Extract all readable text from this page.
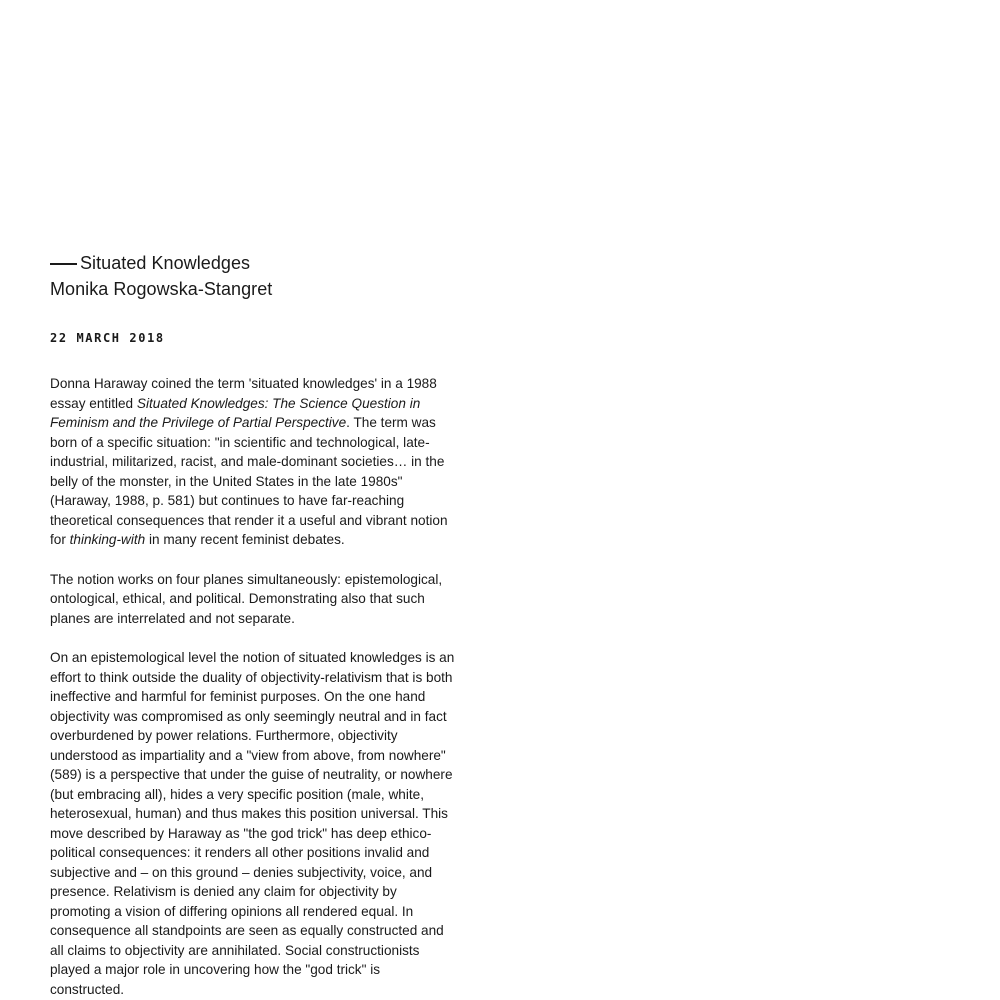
Situated Knowledges
Monika Rogowska-Stangret
22 MARCH 2018

Donna Haraway coined the term 'situated knowledges' in a 1988 essay entitled Situated Knowledges: The Science Question in Feminism and the Privilege of Partial Perspective. The term was born of a specific situation: "in scientific and technological, late-industrial, militarized, racist, and male-dominant societies… in the belly of the monster, in the United States in the late 1980s" (Haraway, 1988, p. 581) but continues to have far-reaching theoretical consequences that render it a useful and vibrant notion for thinking-with in many recent feminist debates.

The notion works on four planes simultaneously: epistemological, ontological, ethical, and political. Demonstrating also that such planes are interrelated and not separate.

On an epistemological level the notion of situated knowledges is an effort to think outside the duality of objectivity-relativism that is both ineffective and harmful for feminist purposes. On the one hand objectivity was compromised as only seemingly neutral and in fact overburdened by power relations. Furthermore, objectivity understood as impartiality and a "view from above, from nowhere" (589) is a perspective that under the guise of neutrality, or nowhere (but embracing all), hides a very specific position (male, white, heterosexual, human) and thus makes this position universal. This move described by Haraway as "the god trick" has deep ethico-political consequences: it renders all other positions invalid and subjective and – on this ground – denies subjectivity, voice, and presence. Relativism is denied any claim for objectivity by promoting a vision of differing opinions all rendered equal. In consequence all standpoints are seen as equally constructed and all claims to objectivity are annihilated. Social constructionists played a major role in uncovering how the "god trick" is constructed.
